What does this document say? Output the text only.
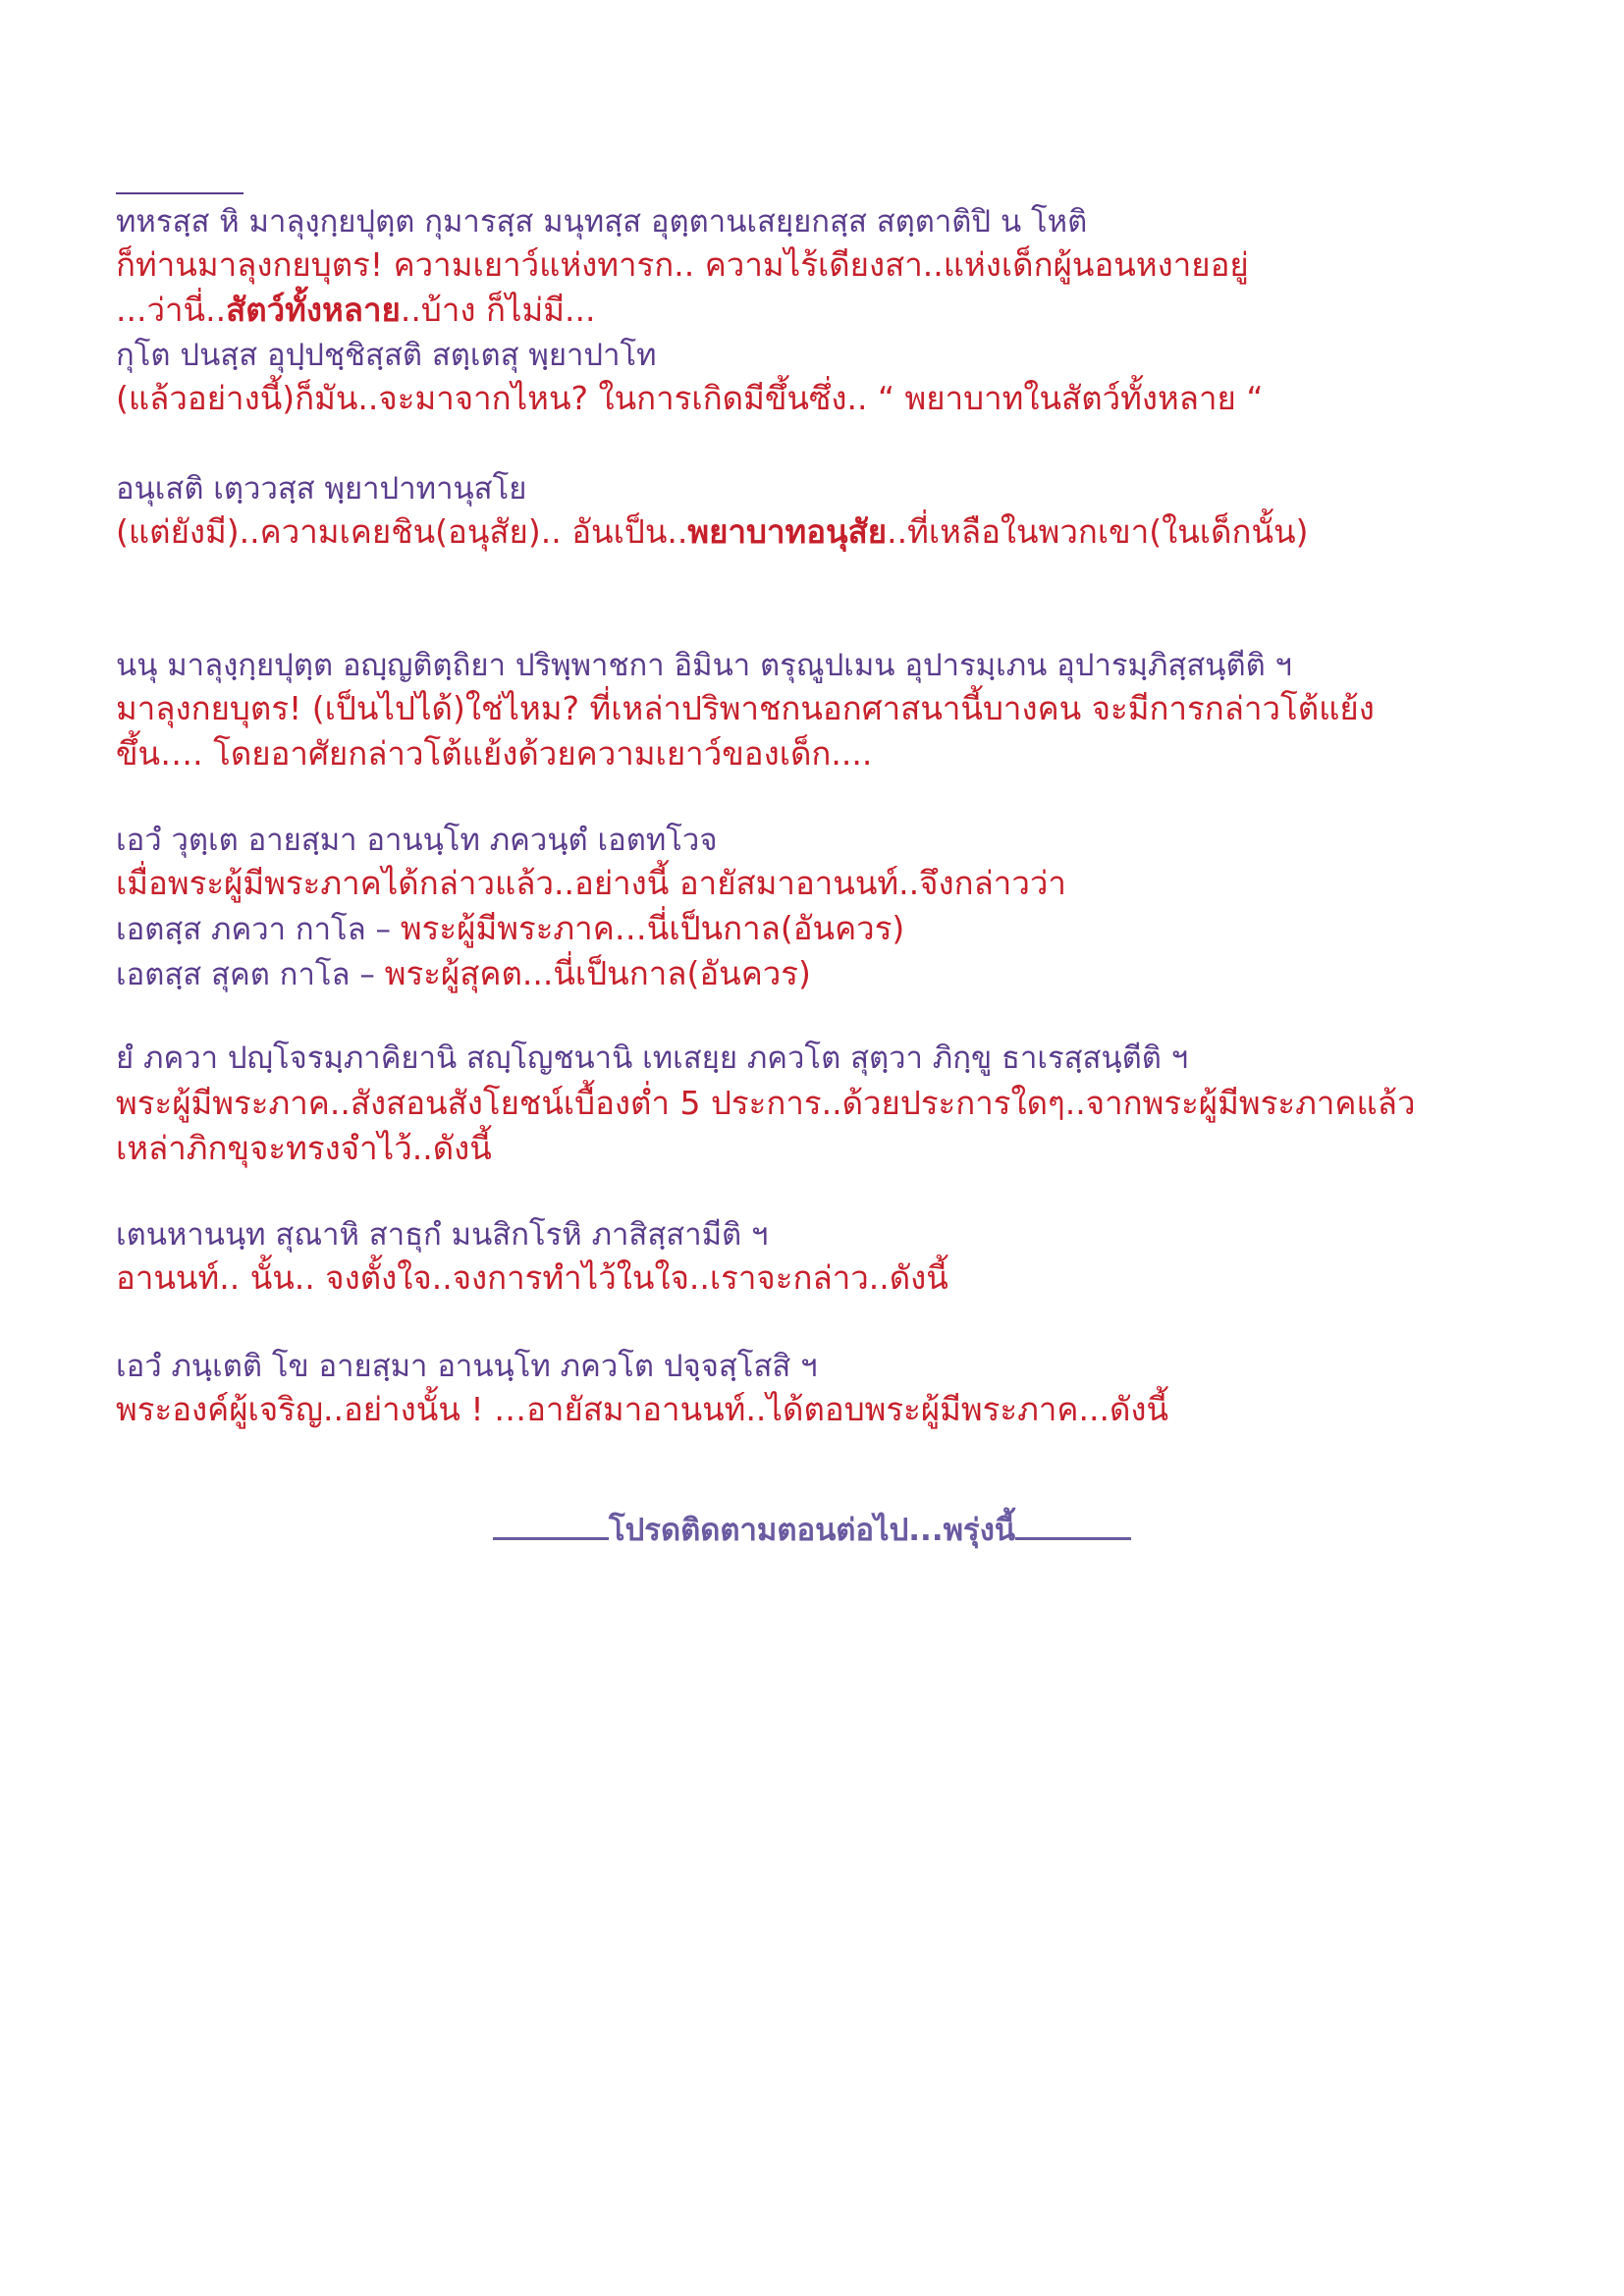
ทหรสฺส หิ มาลุงฺกฺยปุตฺต กุมารสฺส มนุทสฺส อุตฺตานเสยฺยกสฺส สตฺตาติปิ น โหติ
ก็ท่านมาลุงกยบุตร! ความเยาว์แห่งทารก.. ความไร้เดียงสา..แห่งเด็กผู้นอนหงายอยู่
...ว่านี่..สัตว์ทั้งหลาย..บ้าง ก็ไม่มี...
กุโต ปนสฺส อุปฺปชฺชิสฺสติ สตฺเตสุ พฺยาปาโท
(แล้วอย่างนี้)ก็มัน..จะมาจากไหน? ในการเกิดมีขึ้นซึ่ง.. “ พยาบาทในสัตว์ทั้งหลาย “
อนุเสติ เตฺววสฺส พฺยาปาทานุสโย
(แต่ยังมี)..ความเคยชิน(อนุสัย).. อันเป็น..พยาบาทอนุสัย..ที่เหลือในพวกเขา(ในเด็กนั้น)
นนุ มาลุงฺกฺยปุตฺต อญฺญติตฺถิยา ปริพฺพาชกา อิมินา ตรุณูปเมน อุปารมฺเภน อุปารมฺภิสฺสนฺตีติ ฯ
มาลุงกยบุตร! (เป็นไปได้)ใช่ไหม? ที่เหล่าปริพาชกนอกศาสนานี้บางคน จะมีการกล่าวโต้แย้ง
ขึ้น…. โดยอาศัยกล่าวโต้แย้งด้วยความเยาว์ของเด็ก....
เอวํ วุตฺเต อายสฺมา อานนฺโท ภควนฺตํ เอตทโวจ
เมื่อพระผู้มีพระภาคได้กล่าวแล้ว..อย่างนี้ อายัสมาอานนท์..จึงกล่าวว่า
เอตสฺส ภควา กาโล – พระผู้มีพระภาค…นี่เป็นกาล(อันควร)
เอตสฺส สุคต กาโล – พระผู้สุคต...นี่เป็นกาล(อันควร)
ยํ ภควา ปญฺโจรมฺภาคิยานิ สญฺโญชนานิ เทเสยฺย ภควโต สุตฺวา ภิกฺขู ธาเรสฺสนฺตีติ ฯ
พระผู้มีพระภาค..สังสอนสังโยชน์เบื้องต่ำ 5 ประการ..ด้วยประการใดๆ..จากพระผู้มีพระภาคแล้ว
เหล่าภิกขุจะทรงจำไว้..ดังนี้
เตนหานนฺท สุณาหิ สาธุกํ มนสิกโรหิ ภาสิสฺสามีติ ฯ
อานนท์.. นั้น.. จงตั้งใจ..จงการทำไว้ในใจ..เราจะกล่าว..ดังนี้
เอวํ ภนฺเตติ โข อายสฺมา อานนฺโท ภควโต ปจฺจสฺโสสิ ฯ
พระองค์ผู้เจริญ..อย่างนั้น ! …อายัสมาอานนท์..ได้ตอบพระผู้มีพระภาค...ดังนี้
โปรดติดตามตอนต่อไป...พรุ่งนี้
